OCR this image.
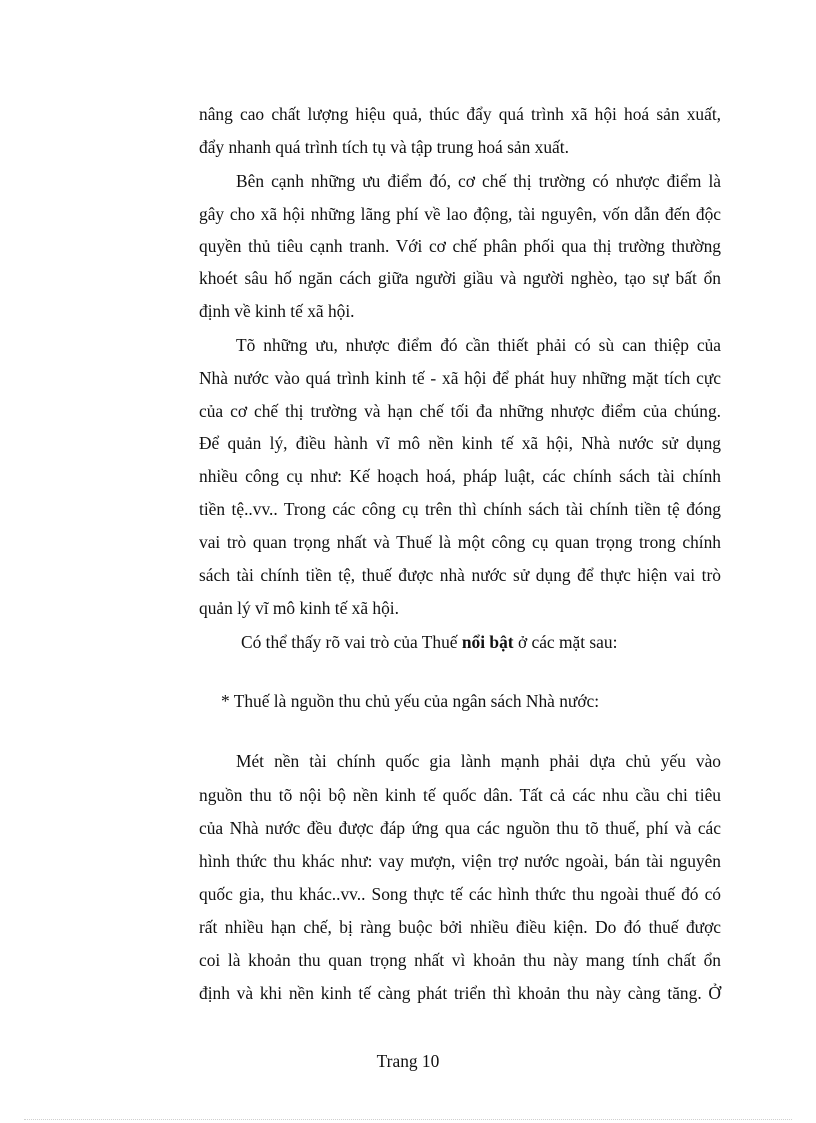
nâng cao chất lượng hiệu quả, thúc đẩy quá trình xã hội hoá sản xuất,
đẩy nhanh quá trình tích tụ và tập trung hoá sản xuất.
Bên cạnh những ưu điểm đó, cơ chế thị trường có nhược điểm là
gây cho xã hội những lãng phí về lao động, tài nguyên, vốn dẫn đến độc
quyền thủ tiêu cạnh tranh. Với cơ chế phân phối qua thị trường thường
khoét sâu hố ngăn cách giữa người giầu và người nghèo, tạo sự bất ổn
định về kinh tế xã hội.
Tõ những ưu, nhược điểm đó cần thiết phải có sù can thiệp của
Nhà nước vào quá trình kinh tế - xã hội để phát huy những mặt tích cực
của cơ chế thị trường và hạn chế tối đa những nhược điểm của chúng.
Để quản lý, điều hành vĩ mô nền kinh tế xã hội, Nhà nước sử dụng
nhiều công cụ như: Kế hoạch hoá, pháp luật, các chính sách tài chính
tiền tệ..vv.. Trong các công cụ trên thì chính sách tài chính tiền tệ đóng
vai trò quan trọng nhất và Thuế là một công cụ quan trọng trong chính
sách tài chính tiền tệ, thuế được nhà nước sử dụng để thực hiện vai trò
quản lý vĩ mô kinh tế xã hội.
Có thể thấy rõ vai trò của Thuế nổi bật ở các mặt sau:
* Thuế là nguồn thu chủ yếu của ngân sách Nhà nước:
Mét nền tài chính quốc gia lành mạnh phải dựa chủ yếu vào
nguồn thu tõ nội bộ nền kinh tế quốc dân. Tất cả các nhu cầu chi tiêu
của Nhà nước đều được đáp ứng qua các nguồn thu tõ thuế, phí và các
hình thức thu khác như: vay mượn, viện trợ nước ngoài, bán tài nguyên
quốc gia, thu khác..vv.. Song thực tế các hình thức thu ngoài thuế đó có
rất nhiều hạn chế, bị ràng buộc bởi nhiều điều kiện. Do đó thuế được
coi là khoản thu quan trọng nhất vì khoản thu này mang tính chất ổn
định và khi nền kinh tế càng phát triển thì khoản thu này càng tăng. Ở
Trang 10
